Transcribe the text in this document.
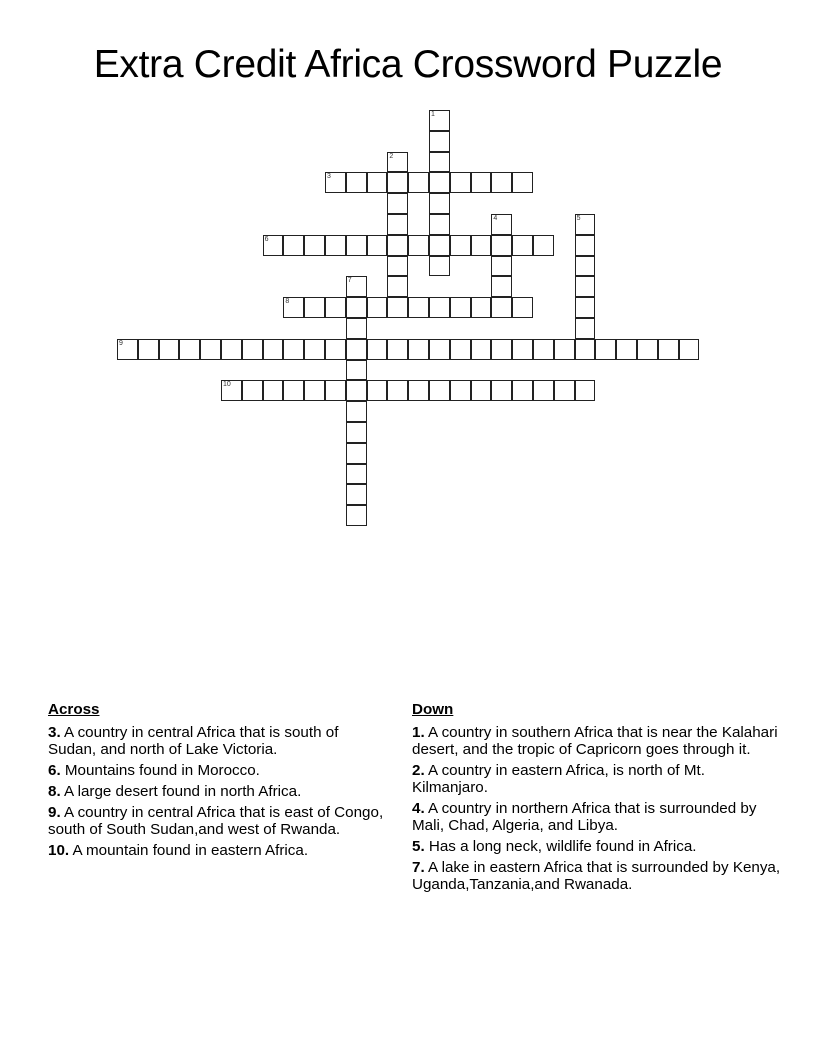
Extra Credit Africa Crossword Puzzle
1
2
3
4	5
6
7
8
9
10
Across
3. A country in central Africa that is south of Sudan, and north of Lake Victoria.
6. Mountains found in Morocco.
8. A large desert found in north Africa.
9. A country in central Africa that is east of Congo, south of South Sudan,and west of Rwanda.
10. A mountain found in eastern Africa.
Down
1. A country in southern Africa that is near the Kalahari desert, and the tropic of Capricorn goes through it.
2. A country in eastern Africa, is north of Mt. Kilmanjaro.
4. A country in northern Africa that is surrounded by Mali, Chad, Algeria, and Libya.
5. Has a long neck, wildlife found in Africa.
7. A lake in eastern Africa that is surrounded by Kenya, Uganda,Tanzania,and Rwanada.
